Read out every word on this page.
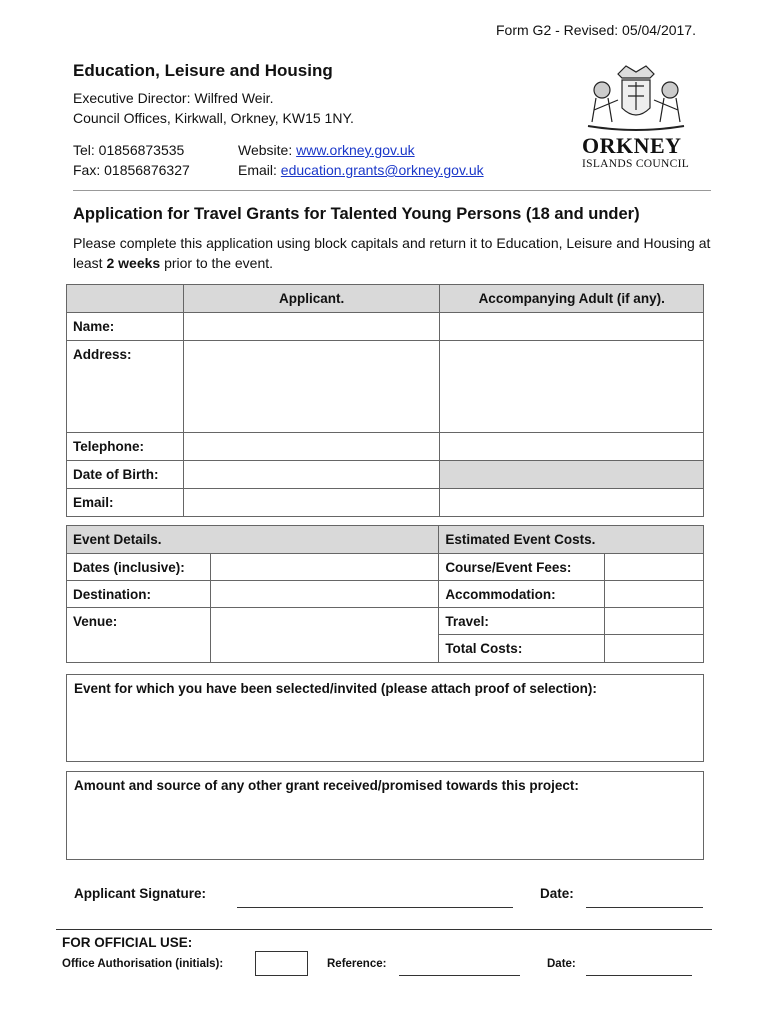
Form G2 - Revised: 05/04/2017.
Education, Leisure and Housing
Executive Director: Wilfred Weir.
Council Offices, Kirkwall, Orkney, KW15 1NY.
Tel: 01856873535
Fax: 01856876327
Website: www.orkney.gov.uk
Email: education.grants@orkney.gov.uk
ORKNEY
ISLANDS COUNCIL
Application for Travel Grants for Talented Young Persons (18 and under)
Please complete this application using block capitals and return it to Education, Leisure and Housing at least 2 weeks prior to the event.
	Applicant.	Accompanying Adult (if any).
Name:		
Address:		
Telephone:		
Date of Birth:		
Email:		
Event Details.		Estimated Event Costs.	
Dates (inclusive):		Course/Event Fees:	
Destination:		Accommodation:	
Venue:		Travel:	
		Total Costs:	
Event for which you have been selected/invited (please attach proof of selection):
Amount and source of any other grant received/promised towards this project:
Applicant Signature:	Date:
FOR OFFICIAL USE:
Office Authorisation (initials):	Reference:	Date:
